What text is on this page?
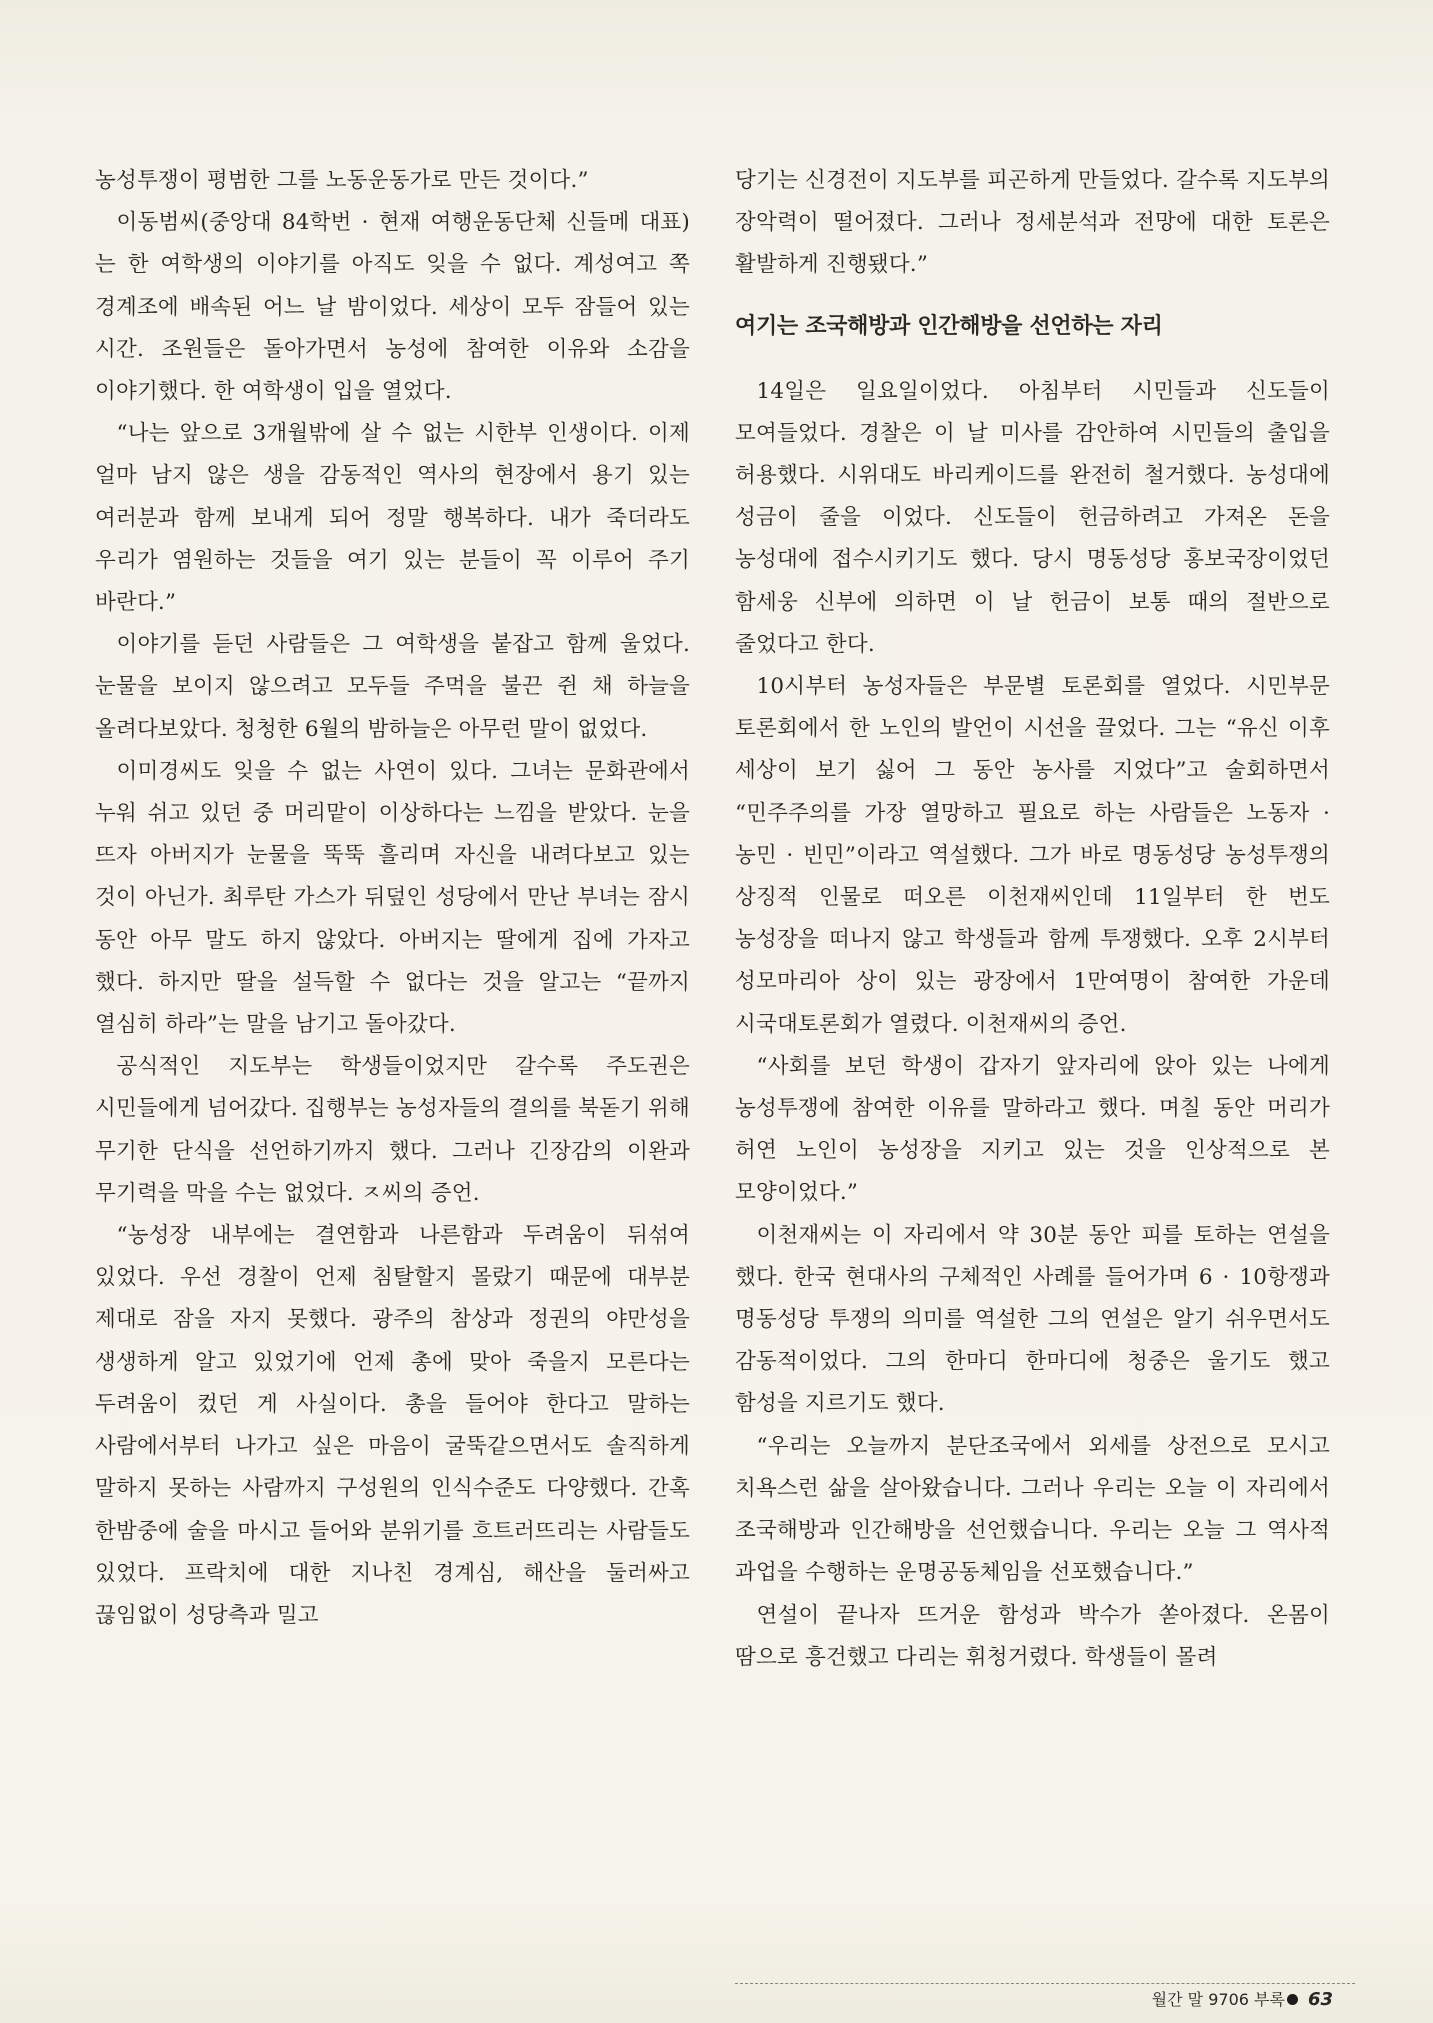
농성투쟁이 평범한 그를 노동운동가로 만든 것이다.”

이동범씨(중앙대 84학번 · 현재 여행운동단체 신들메 대표)는 한 여학생의 이야기를 아직도 잊을 수 없다. 계성여고 쪽 경계조에 배속된 어느 날 밤이었다. 세상이 모두 잠들어 있는 시간. 조원들은 돌아가면서 농성에 참여한 이유와 소감을 이야기했다. 한 여학생이 입을 열었다.

“나는 앞으로 3개월밖에 살 수 없는 시한부 인생이다. 이제 얼마 남지 않은 생을 감동적인 역사의 현장에서 용기 있는 여러분과 함께 보내게 되어 정말 행복하다. 내가 죽더라도 우리가 염원하는 것들을 여기 있는 분들이 꼭 이루어 주기 바란다.”

이야기를 듣던 사람들은 그 여학생을 붙잡고 함께 울었다. 눈물을 보이지 않으려고 모두들 주먹을 불끈 쥔 채 하늘을 올려다보았다. 청청한 6월의 밤하늘은 아무런 말이 없었다.

이미경씨도 잊을 수 없는 사연이 있다. 그녀는 문화관에서 누워 쉬고 있던 중 머리맡이 이상하다는 느낌을 받았다. 눈을 뜨자 아버지가 눈물을 뚝뚝 흘리며 자신을 내려다보고 있는 것이 아닌가. 최루탄 가스가 뒤덮인 성당에서 만난 부녀는 잠시 동안 아무 말도 하지 않았다. 아버지는 딸에게 집에 가자고 했다. 하지만 딸을 설득할 수 없다는 것을 알고는 “끝까지 열심히 하라”는 말을 남기고 돌아갔다.

공식적인 지도부는 학생들이었지만 갈수록 주도권은 시민들에게 넘어갔다. 집행부는 농성자들의 결의를 북돋기 위해 무기한 단식을 선언하기까지 했다. 그러나 긴장감의 이완과 무기력을 막을 수는 없었다. ㅈ씨의 증언.

“농성장 내부에는 결연함과 나른함과 두려움이 뒤섞여 있었다. 우선 경찰이 언제 침탈할지 몰랐기 때문에 대부분 제대로 잠을 자지 못했다. 광주의 참상과 정권의 야만성을 생생하게 알고 있었기에 언제 총에 맞아 죽을지 모른다는 두려움이 컸던 게 사실이다. 총을 들어야 한다고 말하는 사람에서부터 나가고 싶은 마음이 굴뚝같으면서도 솔직하게 말하지 못하는 사람까지 구성원의 인식수준도 다양했다. 간혹 한밤중에 술을 마시고 들어와 분위기를 흐트러뜨리는 사람들도 있었다. 프락치에 대한 지나친 경계심, 해산을 둘러싸고 끊임없이 성당측과 밀고

당기는 신경전이 지도부를 피곤하게 만들었다. 갈수록 지도부의 장악력이 떨어졌다. 그러나 정세분석과 전망에 대한 토론은 활발하게 진행됐다.”

여기는 조국해방과 인간해방을 선언하는 자리

14일은 일요일이었다. 아침부터 시민들과 신도들이 모여들었다. 경찰은 이 날 미사를 감안하여 시민들의 출입을 허용했다. 시위대도 바리케이드를 완전히 철거했다. 농성대에 성금이 줄을 이었다. 신도들이 헌금하려고 가져온 돈을 농성대에 접수시키기도 했다. 당시 명동성당 홍보국장이었던 함세웅 신부에 의하면 이 날 헌금이 보통 때의 절반으로 줄었다고 한다.

10시부터 농성자들은 부문별 토론회를 열었다. 시민부문 토론회에서 한 노인의 발언이 시선을 끌었다. 그는 “유신 이후 세상이 보기 싫어 그 동안 농사를 지었다”고 술회하면서 “민주주의를 가장 열망하고 필요로 하는 사람들은 노동자 · 농민 · 빈민”이라고 역설했다. 그가 바로 명동성당 농성투쟁의 상징적 인물로 떠오른 이천재씨인데 11일부터 한 번도 농성장을 떠나지 않고 학생들과 함께 투쟁했다. 오후 2시부터 성모마리아 상이 있는 광장에서 1만여명이 참여한 가운데 시국대토론회가 열렸다. 이천재씨의 증언.

“사회를 보던 학생이 갑자기 앞자리에 앉아 있는 나에게 농성투쟁에 참여한 이유를 말하라고 했다. 며칠 동안 머리가 허연 노인이 농성장을 지키고 있는 것을 인상적으로 본 모양이었다.”

이천재씨는 이 자리에서 약 30분 동안 피를 토하는 연설을 했다. 한국 현대사의 구체적인 사례를 들어가며 6 · 10항쟁과 명동성당 투쟁의 의미를 역설한 그의 연설은 알기 쉬우면서도 감동적이었다. 그의 한마디 한마디에 청중은 울기도 했고 함성을 지르기도 했다.

“우리는 오늘까지 분단조국에서 외세를 상전으로 모시고 치욕스런 삶을 살아왔습니다. 그러나 우리는 오늘 이 자리에서 조국해방과 인간해방을 선언했습니다. 우리는 오늘 그 역사적 과업을 수행하는 운명공동체임을 선포했습니다.”

연설이 끝나자 뜨거운 함성과 박수가 쏟아졌다. 온몸이 땀으로 흥건했고 다리는 휘청거렸다. 학생들이 몰려

월간 말 9706 부록 63
